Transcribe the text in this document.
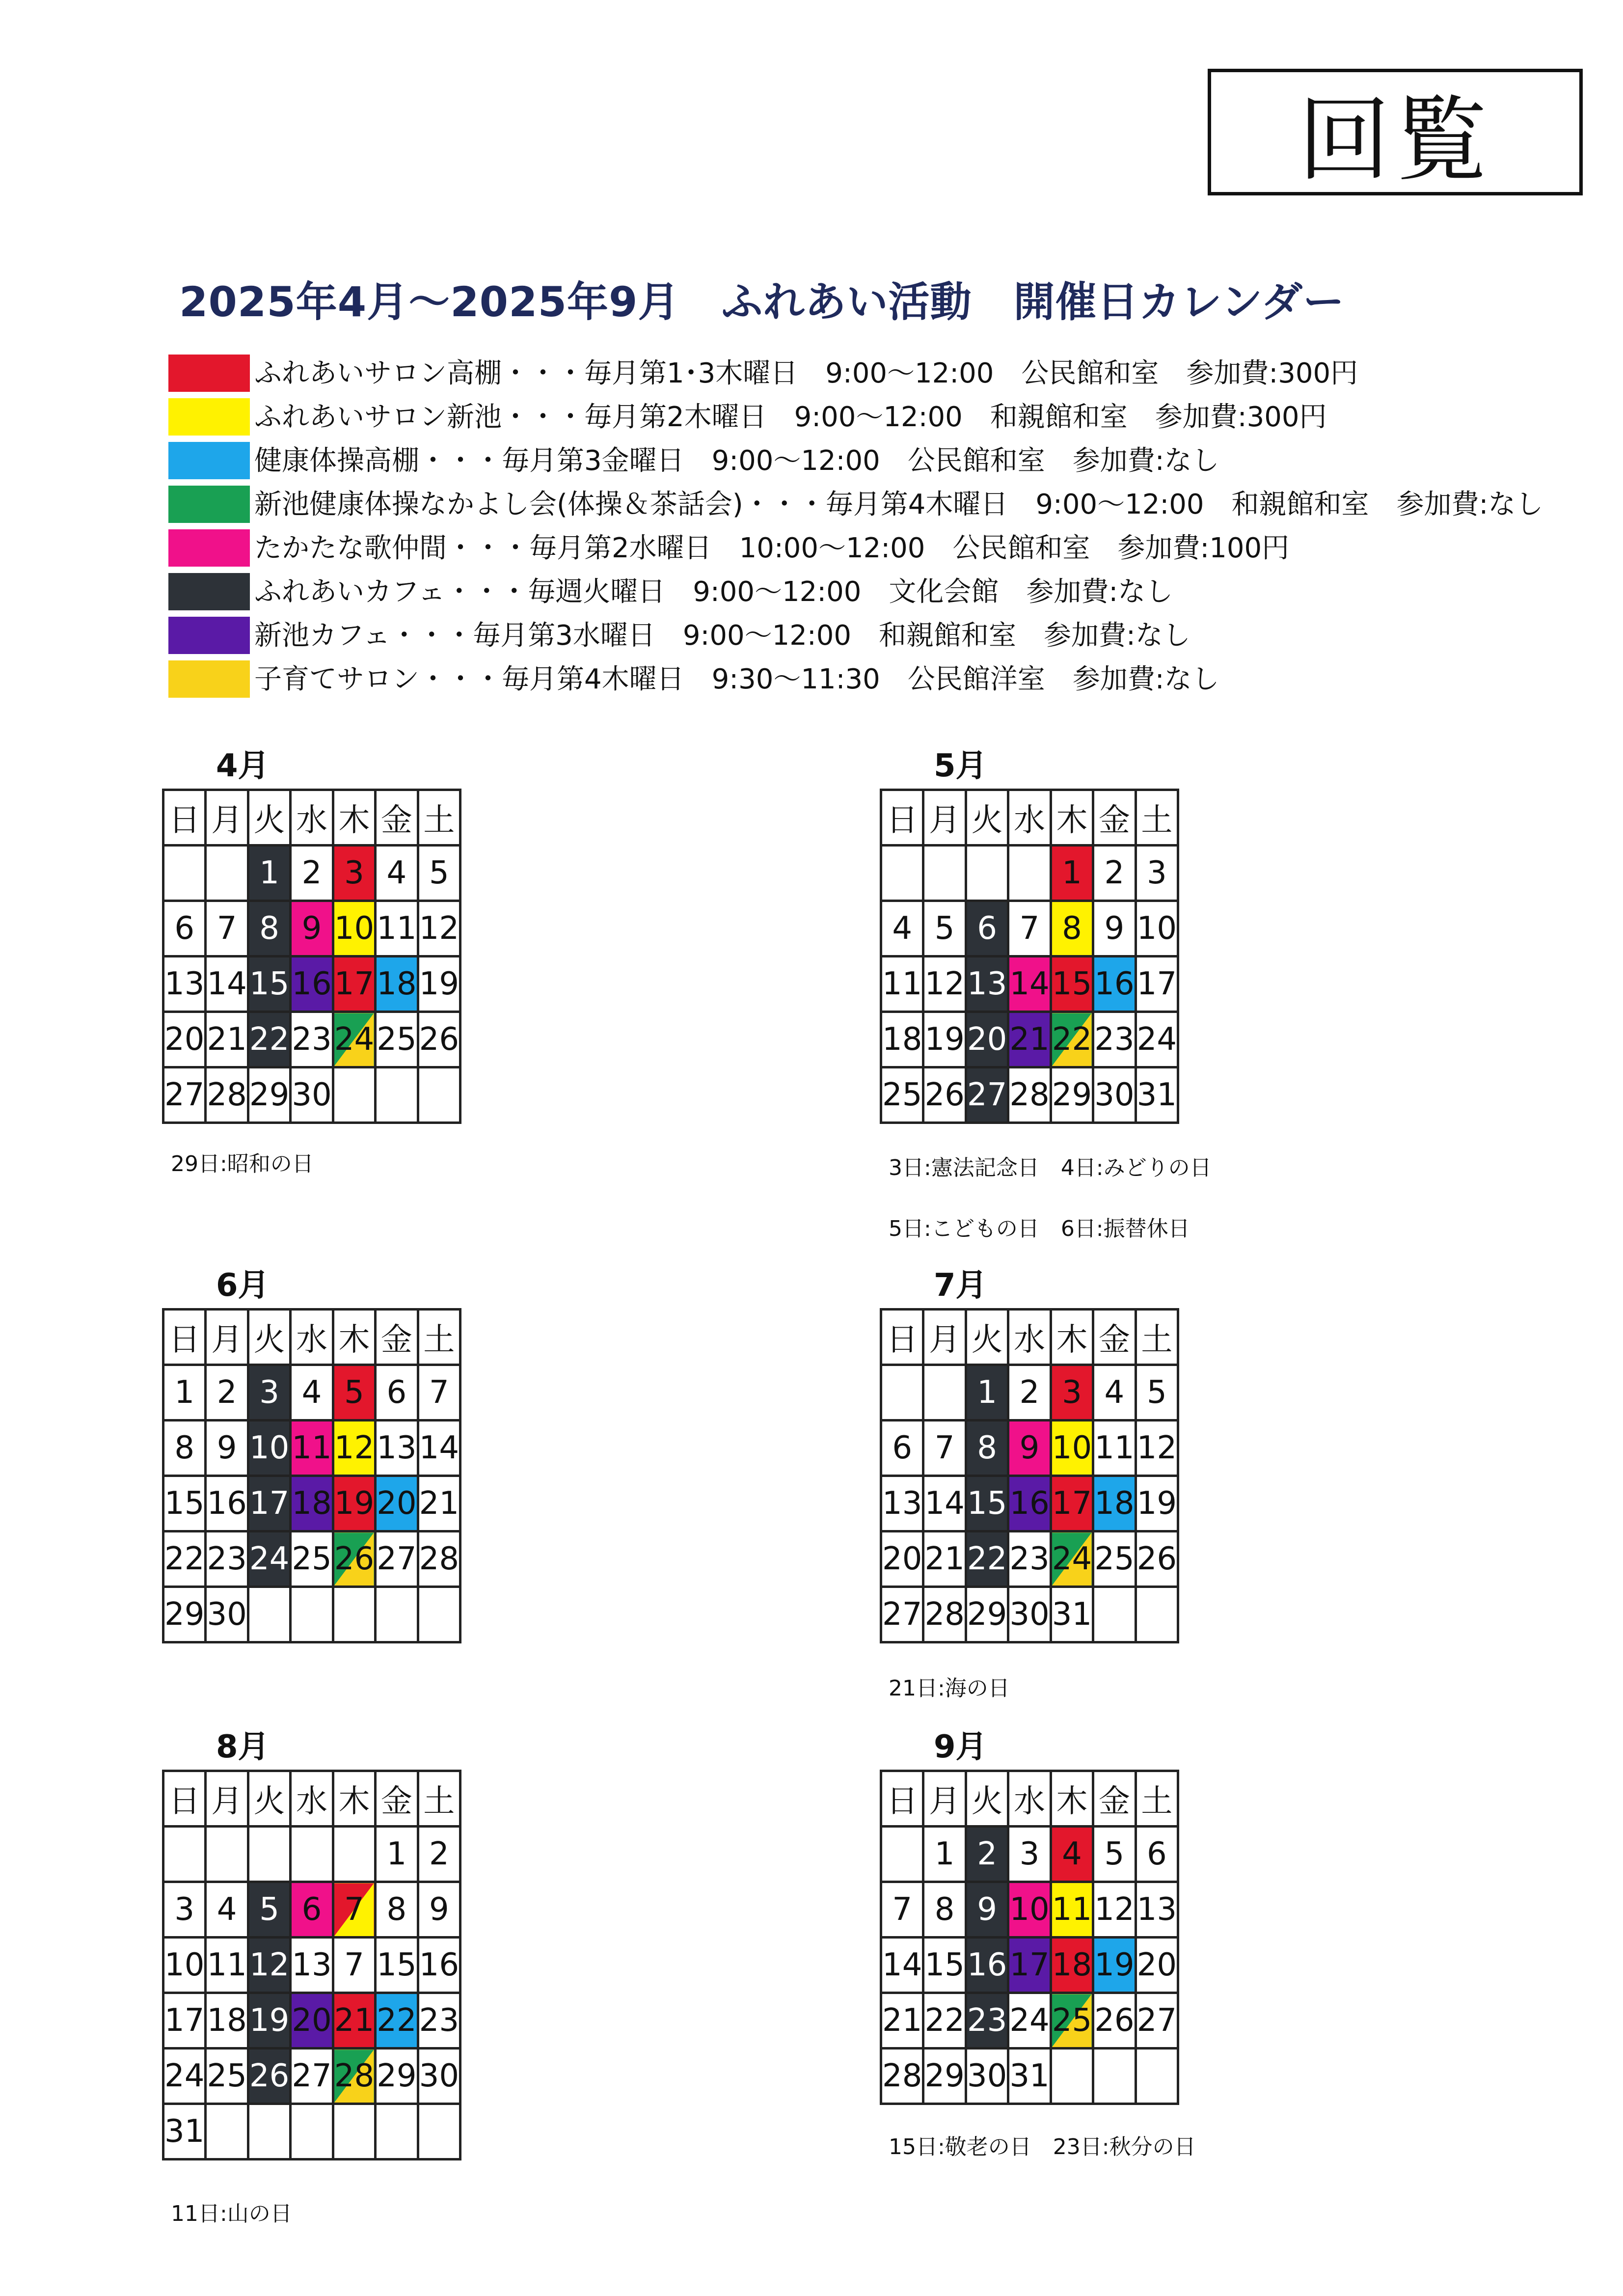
回覧
2025年4月～2025年9月　ふれあい活動　開催日カレンダー
ふれあいサロン高棚・・・毎月第1･3木曜日　9:00～12:00　公民館和室　参加費:300円
ふれあいサロン新池・・・毎月第2木曜日　9:00～12:00　和親館和室　参加費:300円
健康体操高棚・・・毎月第3金曜日　9:00～12:00　公民館和室　参加費:なし
新池健康体操なかよし会(体操＆茶話会)・・・毎月第4木曜日　9:00～12:00　和親館和室　参加費:なし
たかたな歌仲間・・・毎月第2水曜日　10:00～12:00　公民館和室　参加費:100円
ふれあいカフェ・・・毎週火曜日　9:00～12:00　文化会館　参加費:なし
新池カフェ・・・毎月第3水曜日　9:00～12:00　和親館和室　参加費:なし
子育てサロン・・・毎月第4木曜日　9:30～11:30　公民館洋室　参加費:なし
4月
日	月	火	水	木	金	土
		1	2	3	4	5
6	7	8	9	10	11	12
13	14	15	16	17	18	19
20	21	22	23	24	25	26
27	28	29	30			
29日:昭和の日
5月
日	月	火	水	木	金	土
				1	2	3
4	5	6	7	8	9	10
11	12	13	14	15	16	17
18	19	20	21	22	23	24
25	26	27	28	29	30	31
3日:憲法記念日　4日:みどりの日
5日:こどもの日　6日:振替休日
6月
日	月	火	水	木	金	土
1	2	3	4	5	6	7
8	9	10	11	12	13	14
15	16	17	18	19	20	21
22	23	24	25	26	27	28
29	30					
7月
日	月	火	水	木	金	土
		1	2	3	4	5
6	7	8	9	10	11	12
13	14	15	16	17	18	19
20	21	22	23	24	25	26
27	28	29	30	31		
21日:海の日
8月
日	月	火	水	木	金	土
					1	2
3	4	5	6	7	8	9
10	11	12	13	7	15	16
17	18	19	20	21	22	23
24	25	26	27	28	29	30
31						
11日:山の日
9月
日	月	火	水	木	金	土
	1	2	3	4	5	6
7	8	9	10	11	12	13
14	15	16	17	18	19	20
21	22	23	24	25	26	27
28	29	30	31			
15日:敬老の日　23日:秋分の日
